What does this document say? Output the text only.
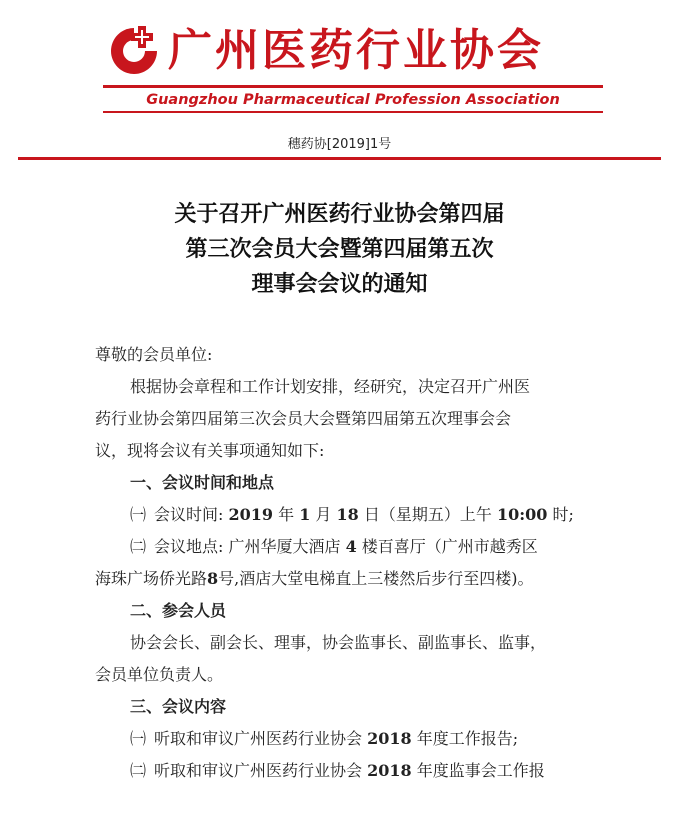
广州医药行业协会
Guangzhou Pharmaceutical Profession Association
穗药协[2019]1号
关于召开广州医药行业协会第四届
第三次会员大会暨第四届第五次
理事会会议的通知
尊敬的会员单位:
根据协会章程和工作计划安排，经研究，决定召开广州医
药行业协会第四届第三次会员大会暨第四届第五次理事会会
议，现将会议有关事项通知如下:
一、会议时间和地点
㈠ 会议时间: 2019 年 1 月 18 日（星期五）上午 10:00 时;
㈡ 会议地点: 广州华厦大酒店 4 楼百喜厅（广州市越秀区
海珠广场侨光路8号,酒店大堂电梯直上三楼然后步行至四楼)。
二、参会人员
协会会长、副会长、理事，协会监事长、副监事长、监事，
会员单位负责人。
三、会议内容
㈠ 听取和审议广州医药行业协会 2018 年度工作报告;
㈡ 听取和审议广州医药行业协会 2018 年度监事会工作报
